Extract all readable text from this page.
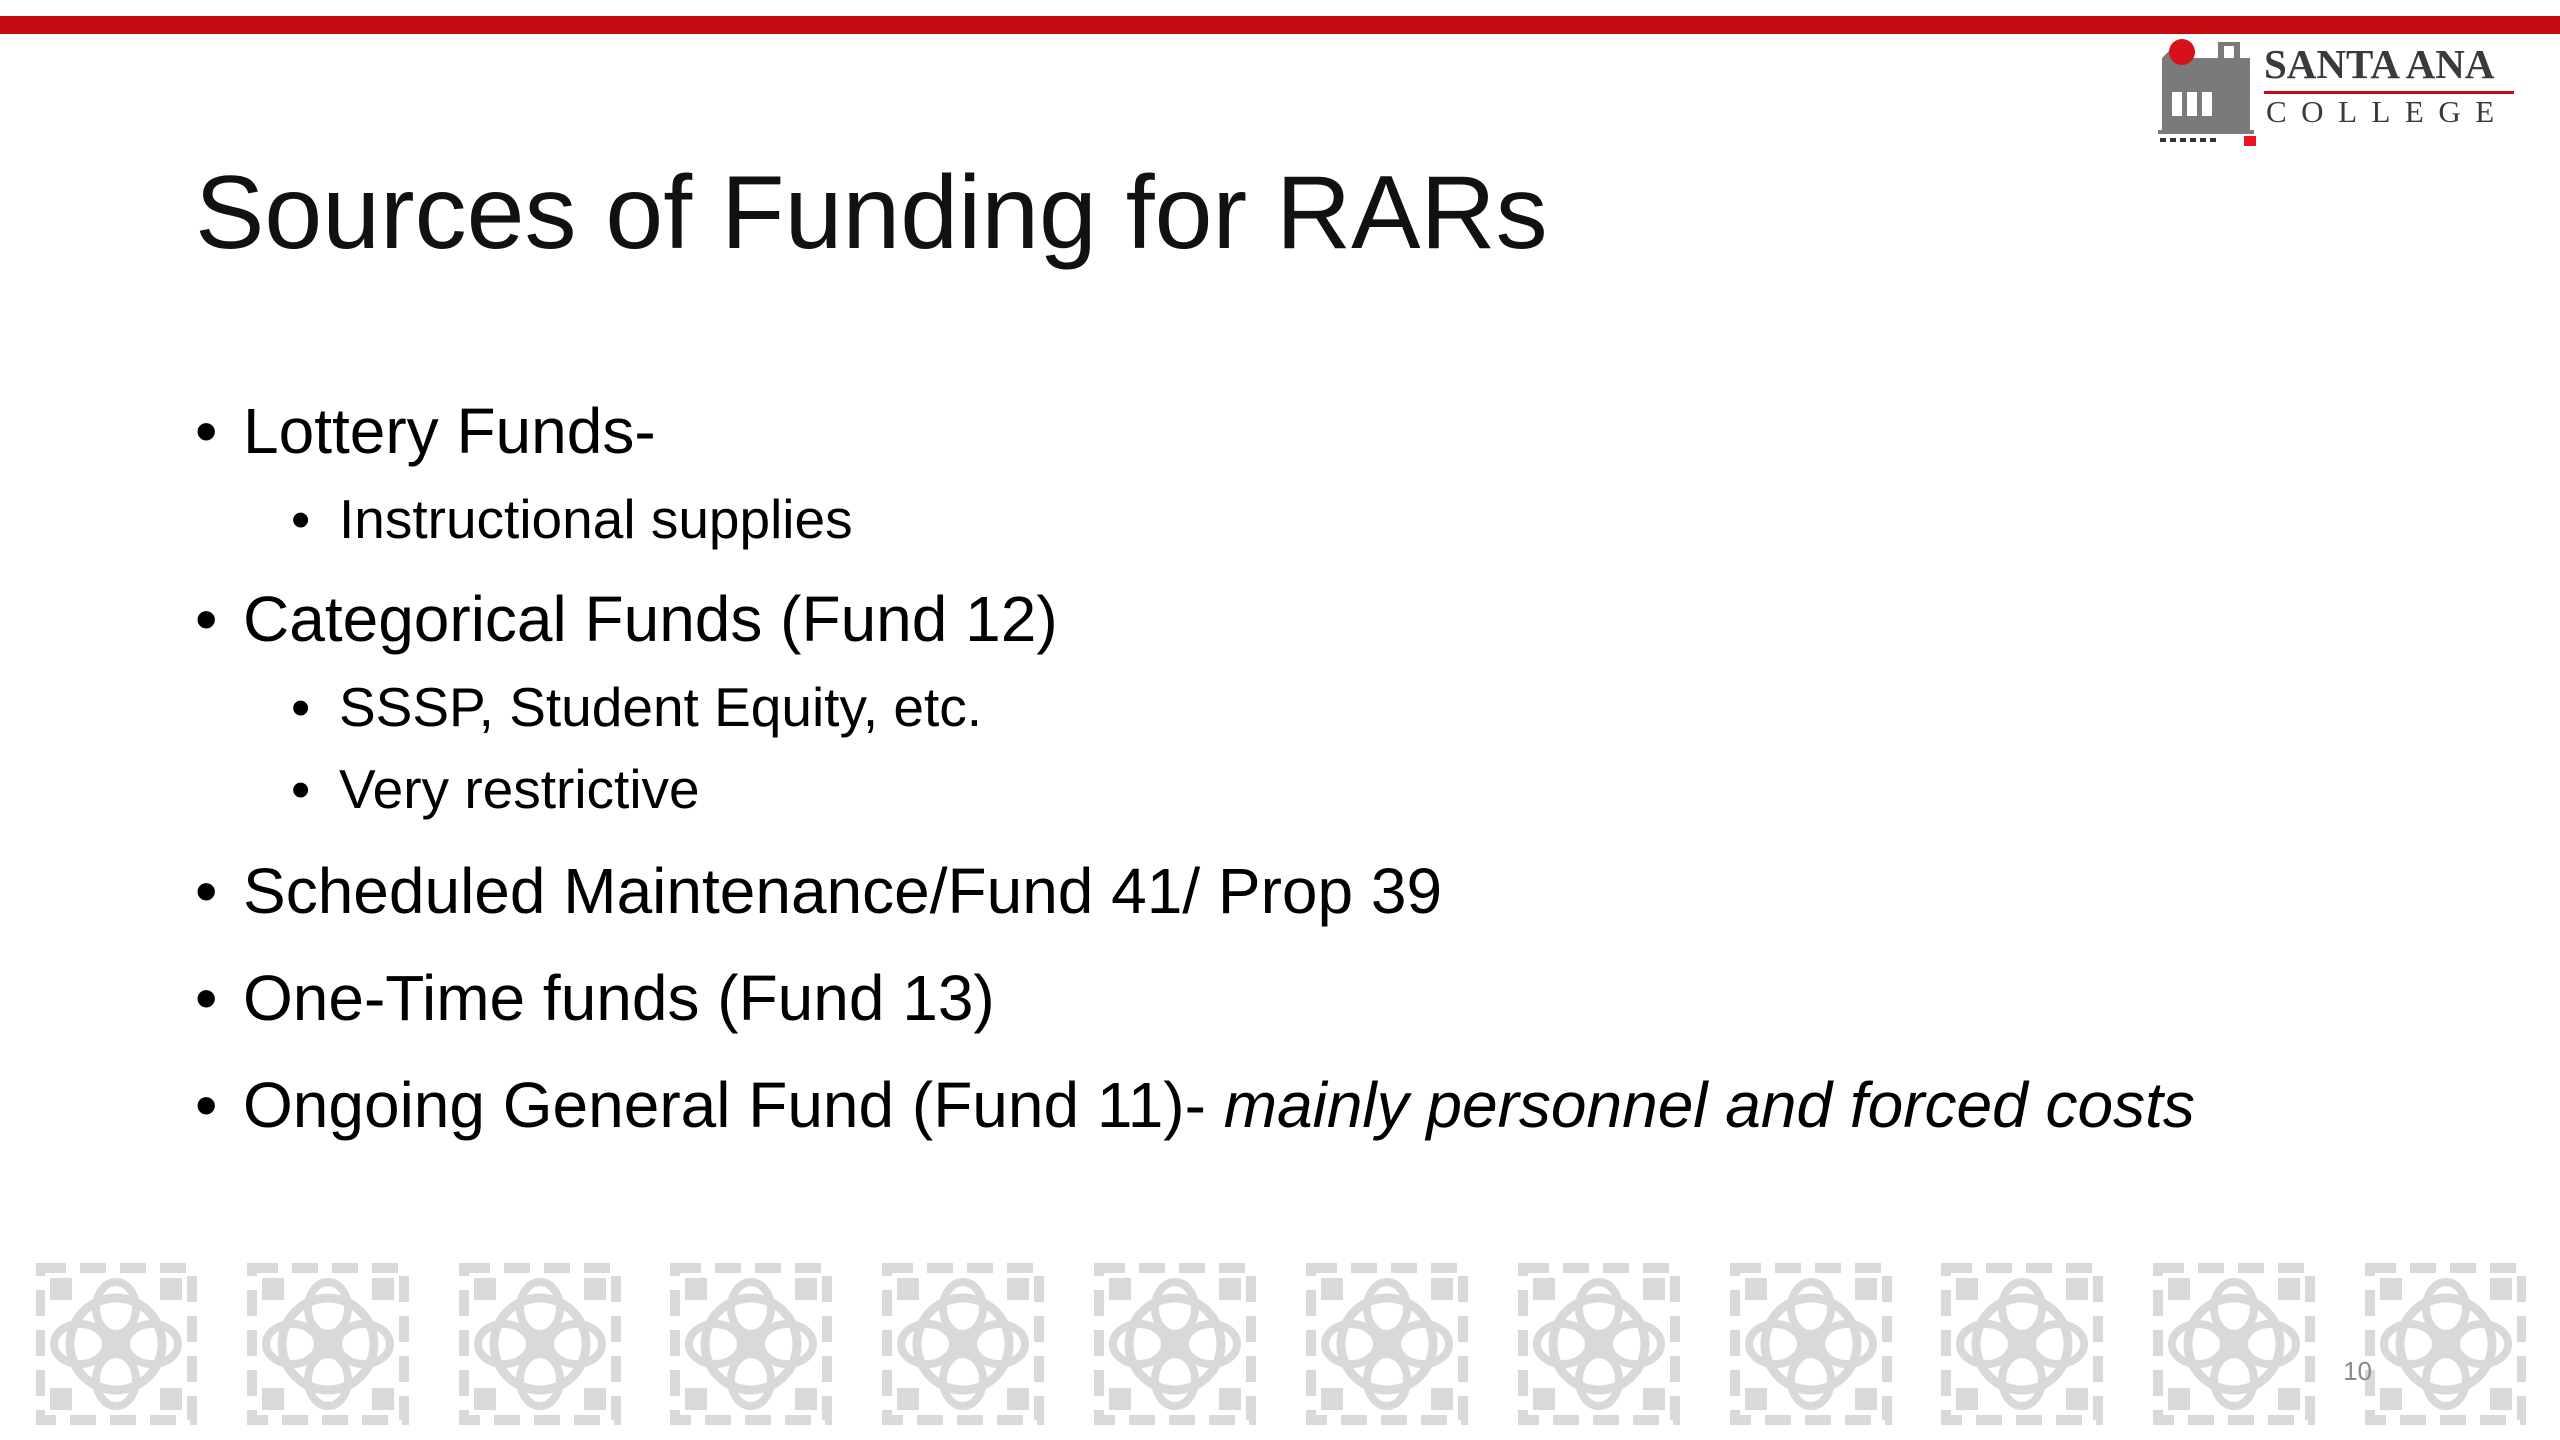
SANTA ANA
COLLEGE
Sources of Funding for RARs
• Lottery Funds-
• Instructional supplies
• Categorical Funds (Fund 12)
• SSSP, Student Equity, etc.
• Very restrictive
• Scheduled Maintenance/Fund 41/ Prop 39
• One-Time funds (Fund 13)
• Ongoing General Fund (Fund 11)- mainly personnel and forced costs
10
